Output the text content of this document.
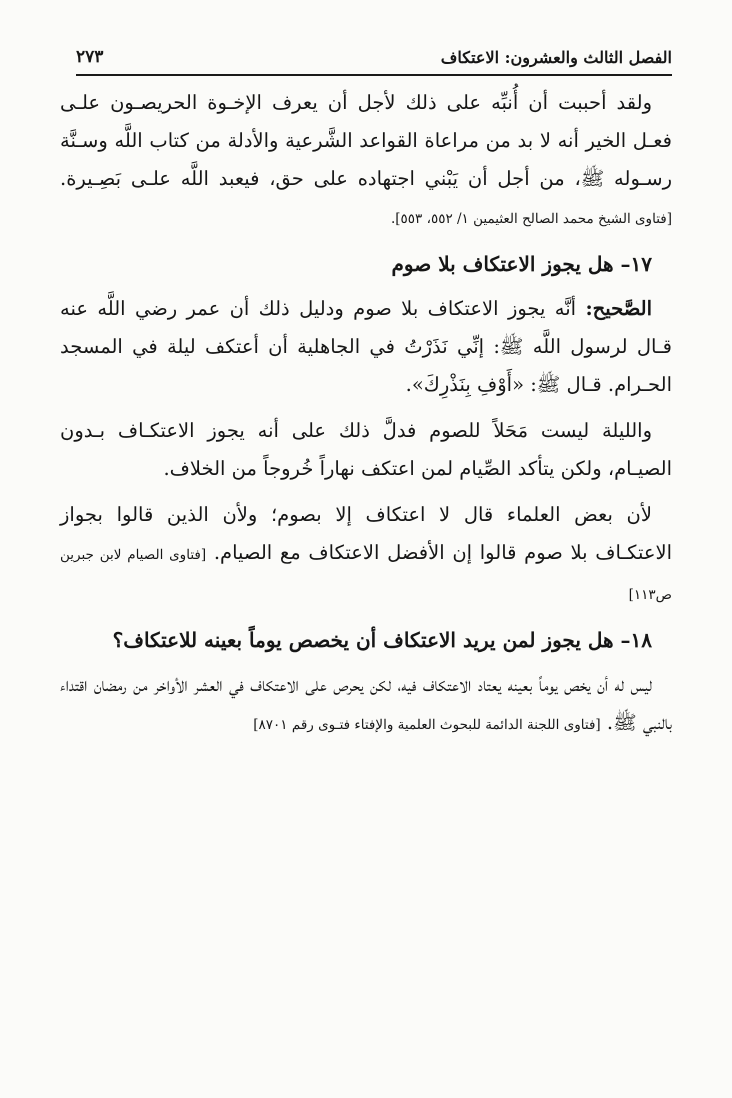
الفصل الثالث والعشرون: الاعتكاف
٢٧٣

ولقد أحببت أن أُنبِّه على ذلك لأجل أن يعرف الإخـوة الحريصـون علـى فعـل الخير أنه لا بد من مراعاة القواعد الشَّرعية والأدلة من كتاب اللَّه وسـنَّة رسـوله ﷺ، من أجل أن يَبْني اجتهاده على حق، فيعبد اللَّه علـى بَصِـيرة. [فتاوى الشيخ محمد الصالح العثيمين ١/ ٥٥٢، ٥٥٣].

١٧– هل يجوز الاعتكاف بلا صوم

الصَّحيح: أنَّه يجوز الاعتكاف بلا صوم ودليل ذلك أن عمر رضي اللَّه عنه قـال لرسول اللَّه ﷺ: إنِّي نَذَرْتُ في الجاهلية أن أعتكف ليلة في المسجد الحـرام. قـال ﷺ: «أَوْفِ بِنَذْرِكَ».

والليلة ليست مَحَلاً للصوم فدلَّ ذلك على أنه يجوز الاعتكـاف بـدون الصيـام، ولكن يتأكد الصِّيام لمن اعتكف نهاراً خُروجاً من الخلاف.

لأن بعض العلماء قال لا اعتكاف إلا بصوم؛ ولأن الذين قالوا بجواز الاعتكـاف بلا صوم قالوا إن الأفضل الاعتكاف مع الصيام. [فتاوى الصيام لابن جبرين ص١١٣]

١٨– هل يجوز لمن يريد الاعتكاف أن يخصص يوماً بعينه للاعتكاف؟

ليس له أن يخص يوماً بعينه يعتاد الاعتكاف فيه، لكن يحرص على الاعتكاف في العشر الأواخر من رمضان اقتداء بالنبي ﷺ. [فتاوى اللجنة الدائمة للبحوث العلمية والإفتاء فتـوى رقم ٨٧٠١]
